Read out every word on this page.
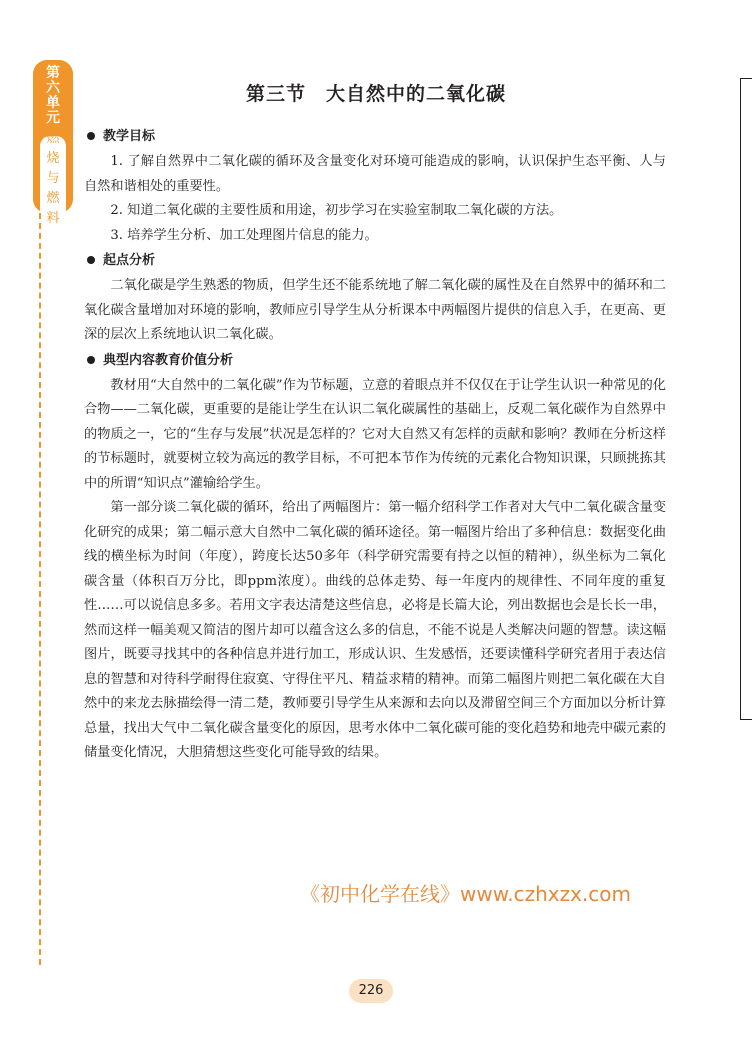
第
六
单
元
燃
烧
与
燃
料
第三节　大自然中的二氧化碳
教学目标

1. 了解自然界中二氧化碳的循环及含量变化对环境可能造成的影响，认识保护生态平衡、人与自然和谐相处的重要性。

2. 知道二氧化碳的主要性质和用途，初步学习在实验室制取二氧化碳的方法。

3. 培养学生分析、加工处理图片信息的能力。

起点分析

二氧化碳是学生熟悉的物质，但学生还不能系统地了解二氧化碳的属性及在自然界中的循环和二氧化碳含量增加对环境的影响，教师应引导学生从分析课本中两幅图片提供的信息入手，在更高、更深的层次上系统地认识二氧化碳。

典型内容教育价值分析

教材用“大自然中的二氧化碳”作为节标题，立意的着眼点并不仅仅在于让学生认识一种常见的化合物——二氧化碳，更重要的是能让学生在认识二氧化碳属性的基础上，反观二氧化碳作为自然界中的物质之一，它的“生存与发展”状况是怎样的？它对大自然又有怎样的贡献和影响？教师在分析这样的节标题时，就要树立较为高远的教学目标，不可把本节作为传统的元素化合物知识课，只顾挑拣其中的所谓“知识点”灌输给学生。

第一部分谈二氧化碳的循环，给出了两幅图片：第一幅介绍科学工作者对大气中二氧化碳含量变化研究的成果；第二幅示意大自然中二氧化碳的循环途径。第一幅图片给出了多种信息：数据变化曲线的横坐标为时间（年度），跨度长达50多年（科学研究需要有持之以恒的精神），纵坐标为二氧化碳含量（体积百万分比，即ppm浓度）。曲线的总体走势、每一年度内的规律性、不同年度的重复性……可以说信息多多。若用文字表达清楚这些信息，必将是长篇大论，列出数据也会是长长一串，然而这样一幅美观又简洁的图片却可以蕴含这么多的信息，不能不说是人类解决问题的智慧。读这幅图片，既要寻找其中的各种信息并进行加工，形成认识、生发感悟，还要读懂科学研究者用于表达信息的智慧和对待科学耐得住寂寞、守得住平凡、精益求精的精神。而第二幅图片则把二氧化碳在大自然中的来龙去脉描绘得一清二楚，教师要引导学生从来源和去向以及滞留空间三个方面加以分析计算总量，找出大气中二氧化碳含量变化的原因，思考水体中二氧化碳可能的变化趋势和地壳中碳元素的储量变化情况，大胆猜想这些变化可能导致的结果。

《初中化学在线》www.czhxzx.com
226
